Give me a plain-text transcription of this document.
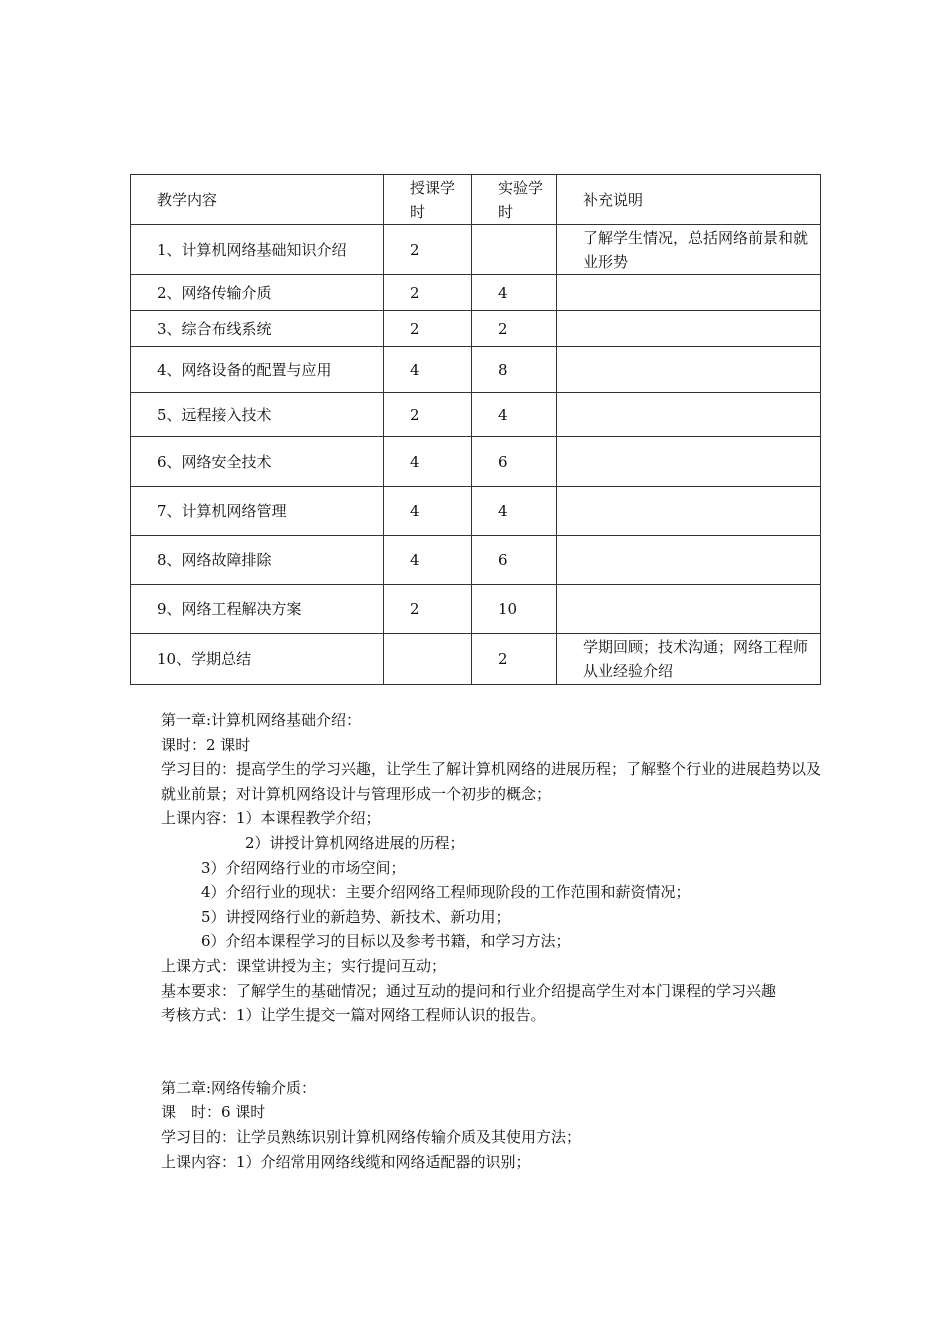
教学内容	授课学时	实验学时	补充说明
1、计算机网络基础知识介绍	2		了解学生情况，总括网络前景和就业形势
2、网络传输介质	2	4	
3、综合布线系统	2	2	
4、网络设备的配置与应用	4	8	
5、远程接入技术	2	4	
6、网络安全技术	4	6	
7、计算机网络管理	4	4	
8、网络故障排除	4	6	
9、网络工程解决方案	2	10	
10、学期总结		2	学期回顾；技术沟通；网络工程师从业经验介绍

第一章:计算机网络基础介绍：

课时：2 课时

学习目的：提高学生的学习兴趣，让学生了解计算机网络的进展历程；了解整个行业的进展趋势以及就业前景；对计算机网络设计与管理形成一个初步的概念；

上课内容：1）本课程教学介绍；

2）讲授计算机网络进展的历程；

3）介绍网络行业的市场空间；

4）介绍行业的现状：主要介绍网络工程师现阶段的工作范围和薪资情况；

5）讲授网络行业的新趋势、新技术、新功用；

6）介绍本课程学习的目标以及参考书籍，和学习方法；

上课方式：课堂讲授为主；实行提问互动；

基本要求：了解学生的基础情况；通过互动的提问和行业介绍提高学生对本门课程的学习兴趣

考核方式：1）让学生提交一篇对网络工程师认识的报告。

第二章:网络传输介质：

课　时：6 课时

学习目的：让学员熟练识别计算机网络传输介质及其使用方法；

上课内容：1）介绍常用网络线缆和网络适配器的识别；
